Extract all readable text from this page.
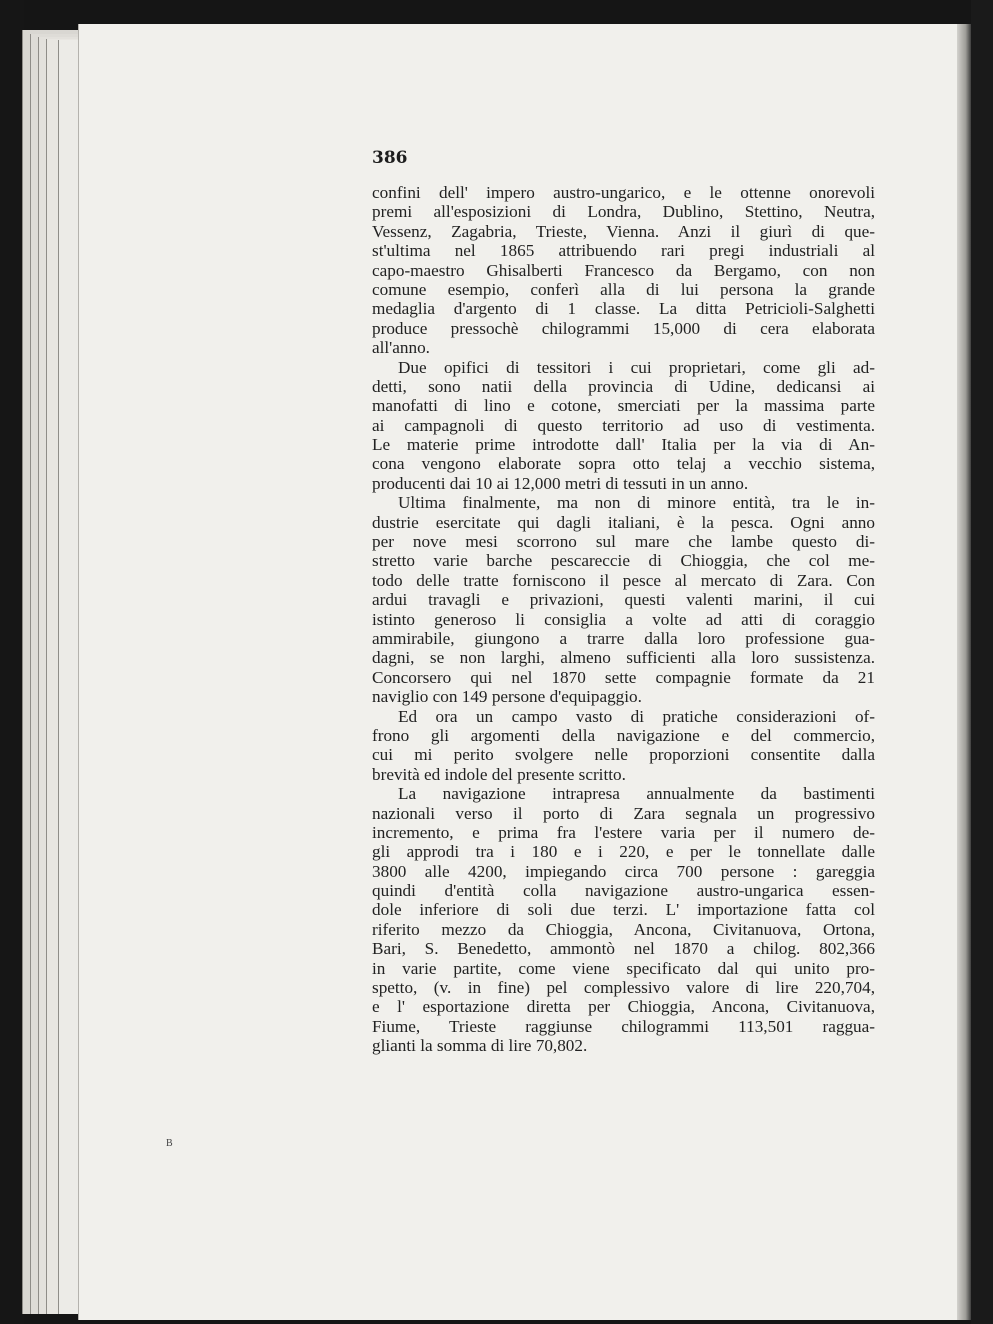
386
confini dell' impero austro-ungarico, e le ottenne onorevoli
premi all'esposizioni di Londra, Dublino, Stettino, Neutra,
Vessenz, Zagabria, Trieste, Vienna. Anzi il giurì di que-
st'ultima nel 1865 attribuendo rari pregi industriali al
capo-maestro Ghisalberti Francesco da Bergamo, con non
comune esempio, conferì alla di lui persona la grande
medaglia d'argento di 1 classe. La ditta Petricioli-Salghetti
produce pressochè chilogrammi 15,000 di cera elaborata
all'anno.
Due opifici di tessitori i cui proprietari, come gli ad-
detti, sono natii della provincia di Udine, dedicansi ai
manofatti di lino e cotone, smerciati per la massima parte
ai campagnoli di questo territorio ad uso di vestimenta.
Le materie prime introdotte dall' Italia per la via di An-
cona vengono elaborate sopra otto telaj a vecchio sistema,
producenti dai 10 ai 12,000 metri di tessuti in un anno.
Ultima finalmente, ma non di minore entità, tra le in-
dustrie esercitate qui dagli italiani, è la pesca. Ogni anno
per nove mesi scorrono sul mare che lambe questo di-
stretto varie barche pescareccie di Chioggia, che col me-
todo delle tratte forniscono il pesce al mercato di Zara. Con
ardui travagli e privazioni, questi valenti marini, il cui
istinto generoso li consiglia a volte ad atti di coraggio
ammirabile, giungono a trarre dalla loro professione gua-
dagni, se non larghi, almeno sufficienti alla loro sussistenza.
Concorsero qui nel 1870 sette compagnie formate da 21
naviglio con 149 persone d'equipaggio.
Ed ora un campo vasto di pratiche considerazioni of-
frono gli argomenti della navigazione e del commercio,
cui mi perito svolgere nelle proporzioni consentite dalla
brevità ed indole del presente scritto.
La navigazione intrapresa annualmente da bastimenti
nazionali verso il porto di Zara segnala un progressivo
incremento, e prima fra l'estere varia per il numero de-
gli approdi tra i 180 e i 220, e per le tonnellate dalle
3800 alle 4200, impiegando circa 700 persone : gareggia
quindi d'entità colla navigazione austro-ungarica essen-
dole inferiore di soli due terzi. L' importazione fatta col
riferito mezzo da Chioggia, Ancona, Civitanuova, Ortona,
Bari, S. Benedetto, ammontò nel 1870 a chilog. 802,366
in varie partite, come viene specificato dal qui unito pro-
spetto, (v. in fine) pel complessivo valore di lire 220,704,
e l' esportazione diretta per Chioggia, Ancona, Civitanuova,
Fiume, Trieste raggiunse chilogrammi 113,501 raggua-
glianti la somma di lire 70,802.
B
